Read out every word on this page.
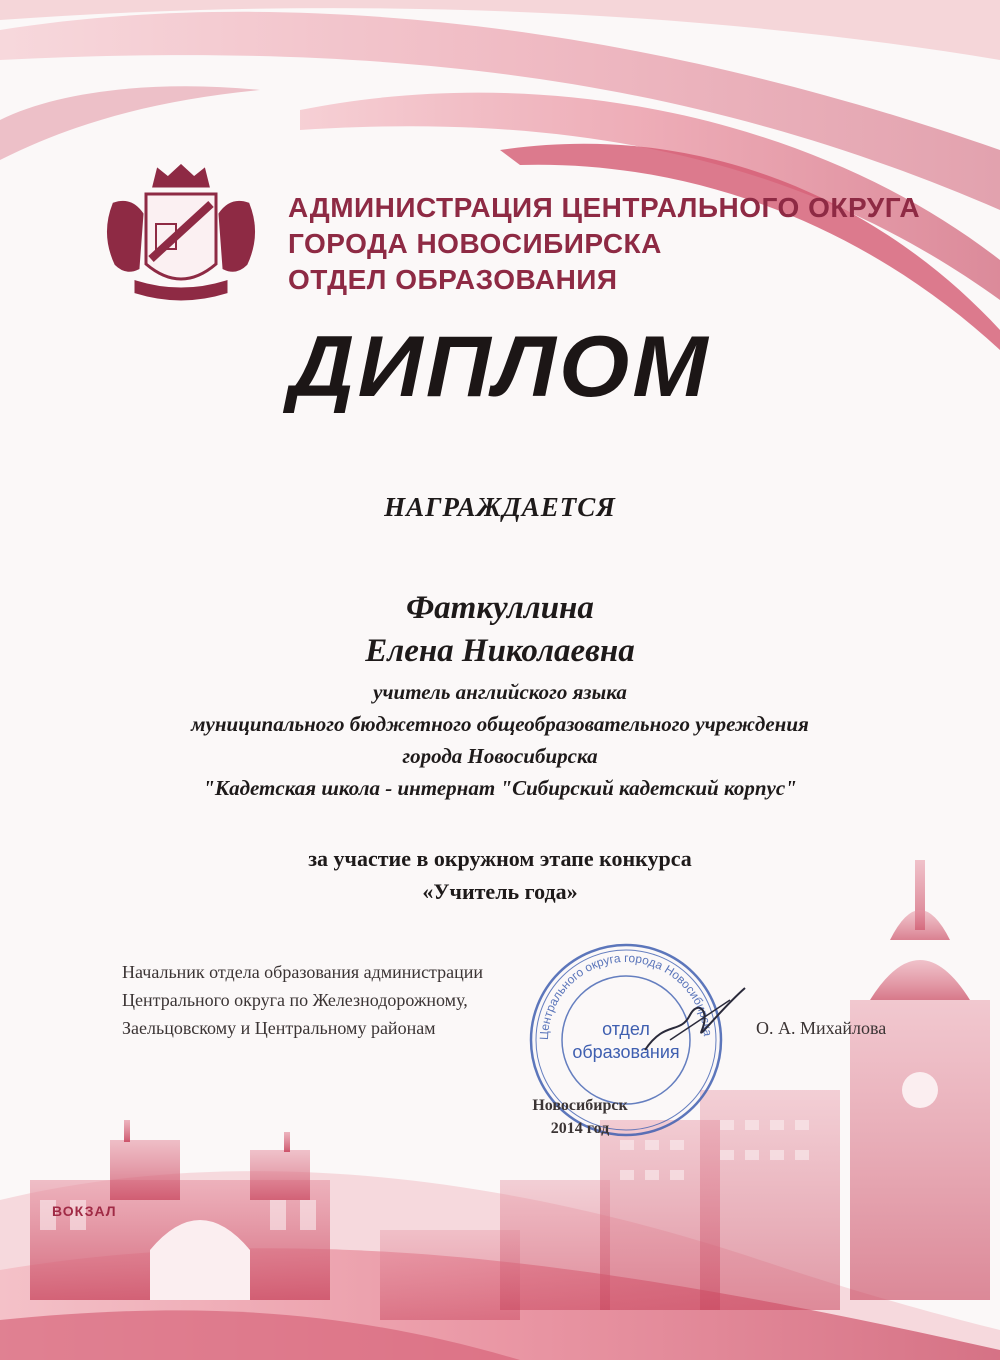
ВОКЗАЛ
АДМИНИСТРАЦИЯ ЦЕНТРАЛЬНОГО ОКРУГА
ГОРОДА НОВОСИБИРСКА
ОТДЕЛ ОБРАЗОВАНИЯ
ДИПЛОМ
НАГРАЖДАЕТСЯ
Фаткуллина
Елена Николаевна
учитель английского языка
муниципального бюджетного общеобразовательного учреждения
города Новосибирска
"Кадетская школа - интернат "Сибирский кадетский корпус"
за участие в окружном этапе конкурса
«Учитель года»
Начальник отдела образования администрации
Центрального округа по Железнодорожному,
Заельцовскому и Центральному районам	О. А. Михайлова
Центрального округа города Новосибирска
отдел
образования
Новосибирск
2014 год
